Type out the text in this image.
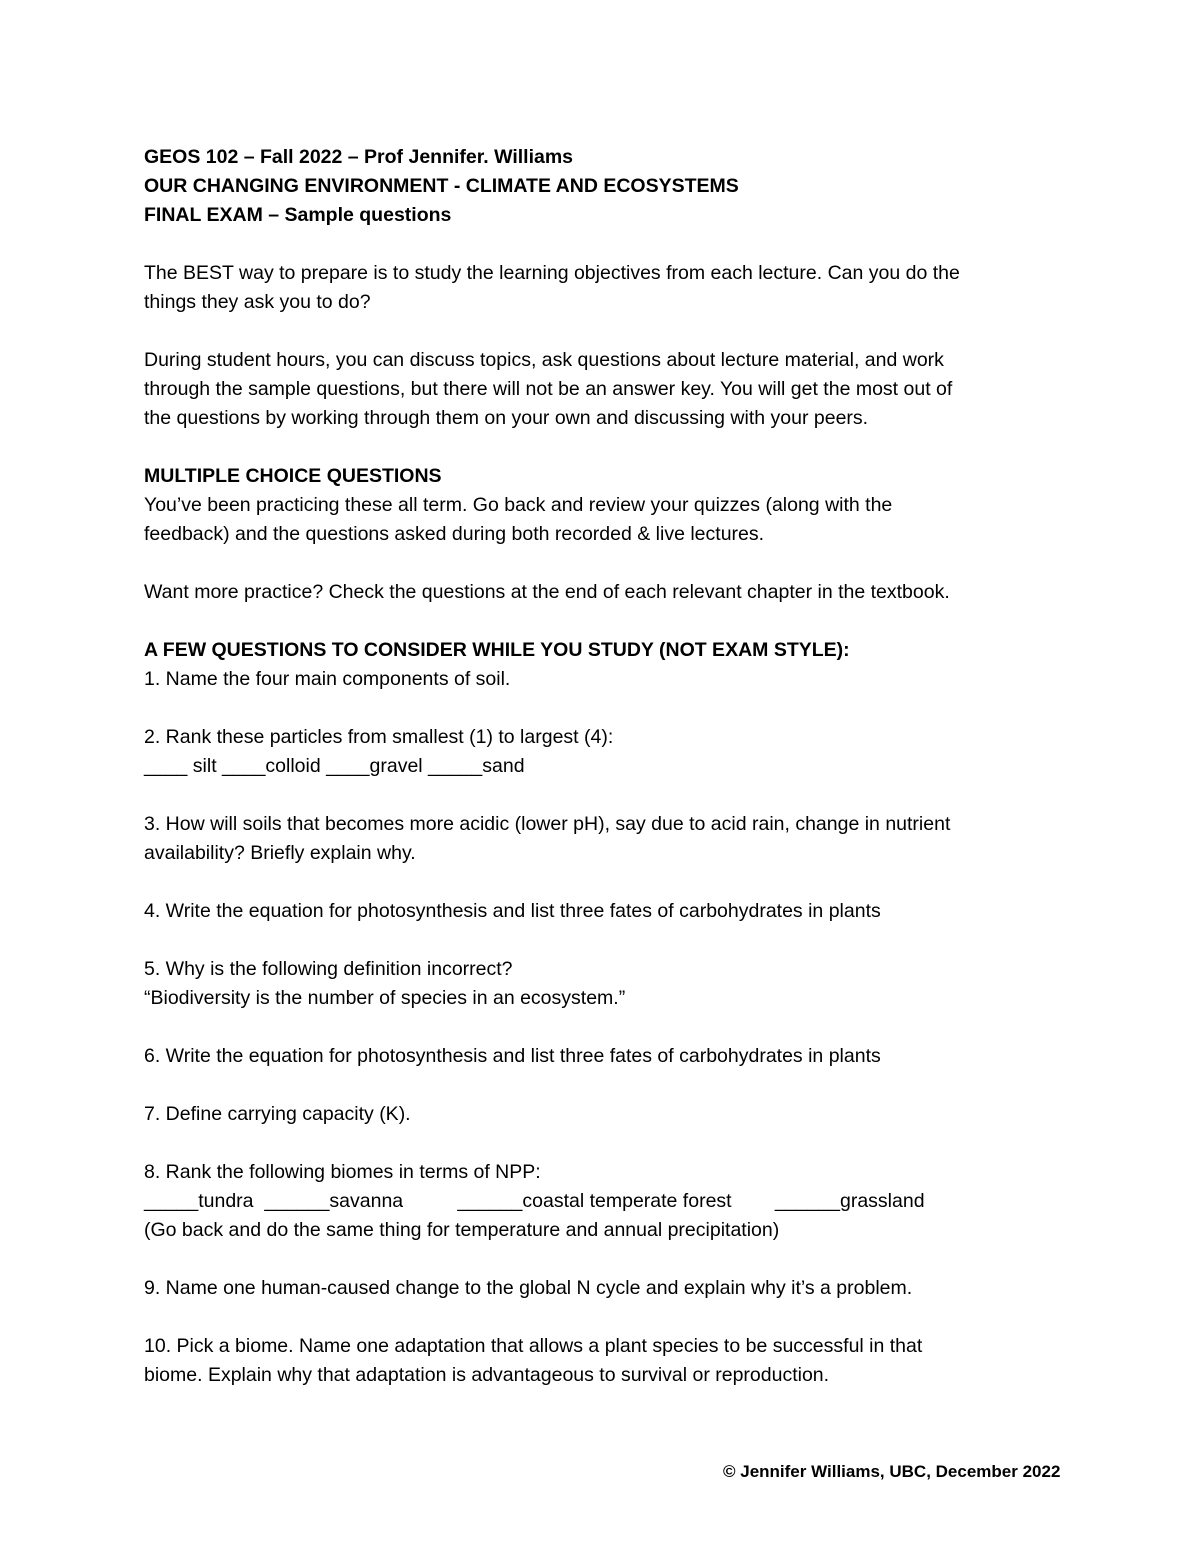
GEOS 102 – Fall 2022 – Prof Jennifer. Williams
OUR CHANGING ENVIRONMENT - CLIMATE AND ECOSYSTEMS
FINAL EXAM – Sample questions
The BEST way to prepare is to study the learning objectives from each lecture. Can you do the
things they ask you to do?
During student hours, you can discuss topics, ask questions about lecture material, and work
through the sample questions, but there will not be an answer key. You will get the most out of
the questions by working through them on your own and discussing with your peers.
MULTIPLE CHOICE QUESTIONS
You’ve been practicing these all term. Go back and review your quizzes (along with the
feedback) and the questions asked during both recorded & live lectures.
Want more practice? Check the questions at the end of each relevant chapter in the textbook.
A FEW QUESTIONS TO CONSIDER WHILE YOU STUDY (NOT EXAM STYLE):
1. Name the four main components of soil.
2. Rank these particles from smallest (1) to largest (4):
____ silt ____colloid ____gravel _____sand
3. How will soils that becomes more acidic (lower pH), say due to acid rain, change in nutrient
availability? Briefly explain why.
4. Write the equation for photosynthesis and list three fates of carbohydrates in plants
5. Why is the following definition incorrect?
“Biodiversity is the number of species in an ecosystem.”
6. Write the equation for photosynthesis and list three fates of carbohydrates in plants
7. Define carrying capacity (K).
8. Rank the following biomes in terms of NPP:
_____tundra  ______savanna          ______coastal temperate forest        ______grassland
(Go back and do the same thing for temperature and annual precipitation)
9. Name one human-caused change to the global N cycle and explain why it’s a problem.
10. Pick a biome. Name one adaptation that allows a plant species to be successful in that
biome. Explain why that adaptation is advantageous to survival or reproduction.
© Jennifer Williams, UBC, December 2022
